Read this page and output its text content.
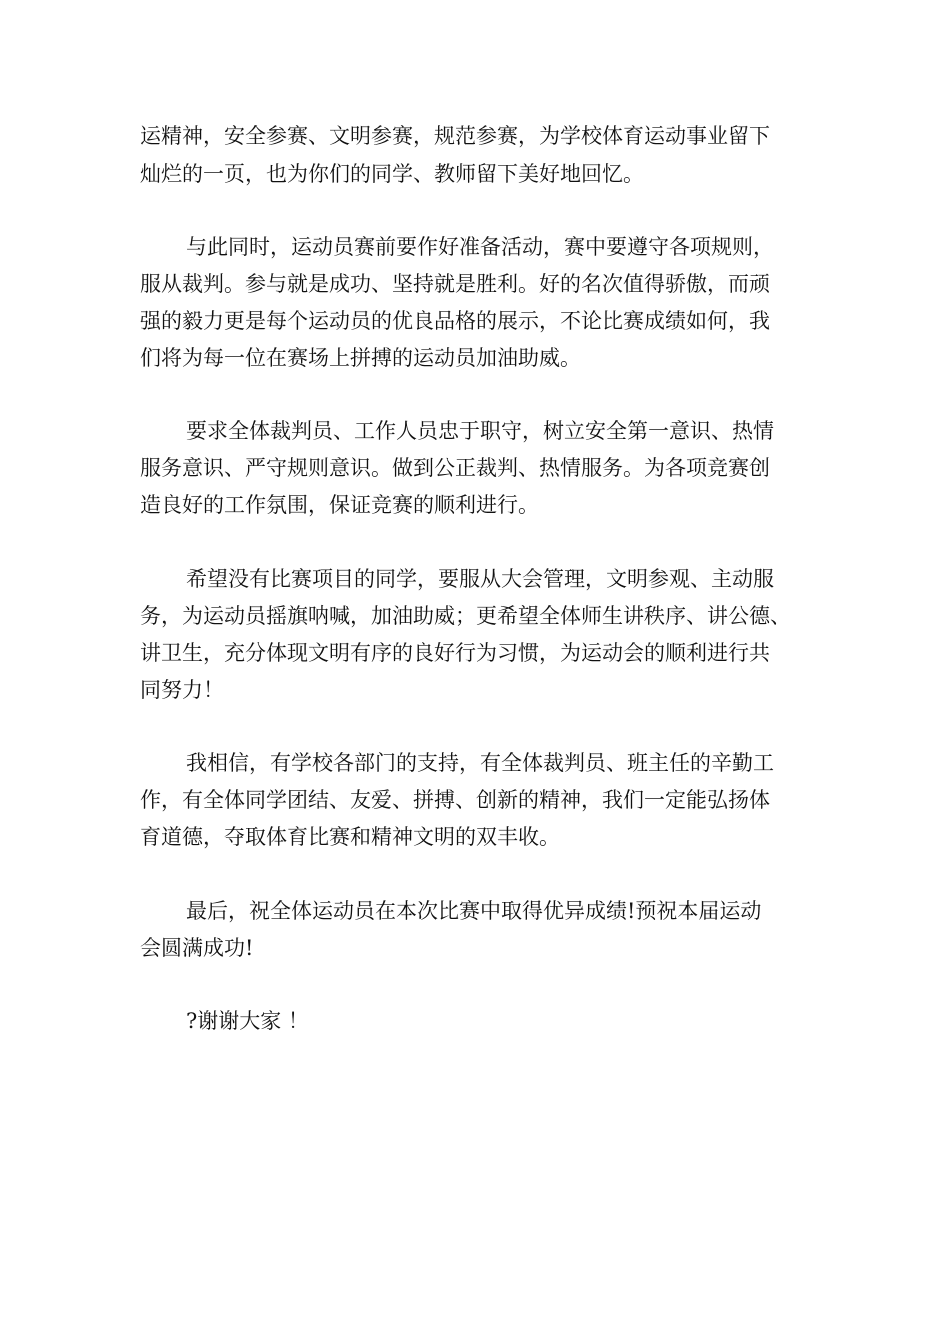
运精神，安全参赛、文明参赛，规范参赛，为学校体育运动事业留下
灿烂的一页，也为你们的同学、教师留下美好地回忆。
与此同时，运动员赛前要作好准备活动，赛中要遵守各项规则，
服从裁判。参与就是成功、坚持就是胜利。好的名次值得骄傲，而顽
强的毅力更是每个运动员的优良品格的展示，不论比赛成绩如何，我
们将为每一位在赛场上拼搏的运动员加油助威。
要求全体裁判员、工作人员忠于职守，树立安全第一意识、热情
服务意识、严守规则意识。做到公正裁判、热情服务。为各项竞赛创
造良好的工作氛围，保证竞赛的顺利进行。
希望没有比赛项目的同学，要服从大会管理，文明参观、主动服
务，为运动员摇旗呐喊，加油助威；更希望全体师生讲秩序、讲公德、
讲卫生，充分体现文明有序的良好行为习惯，为运动会的顺利进行共
同努力！
我相信，有学校各部门的支持，有全体裁判员、班主任的辛勤工
作，有全体同学团结、友爱、拼搏、创新的精神，我们一定能弘扬体
育道德，夺取体育比赛和精神文明的双丰收。
最后，祝全体运动员在本次比赛中取得优异成绩!预祝本届运动
会圆满成功!
?谢谢大家 ！
